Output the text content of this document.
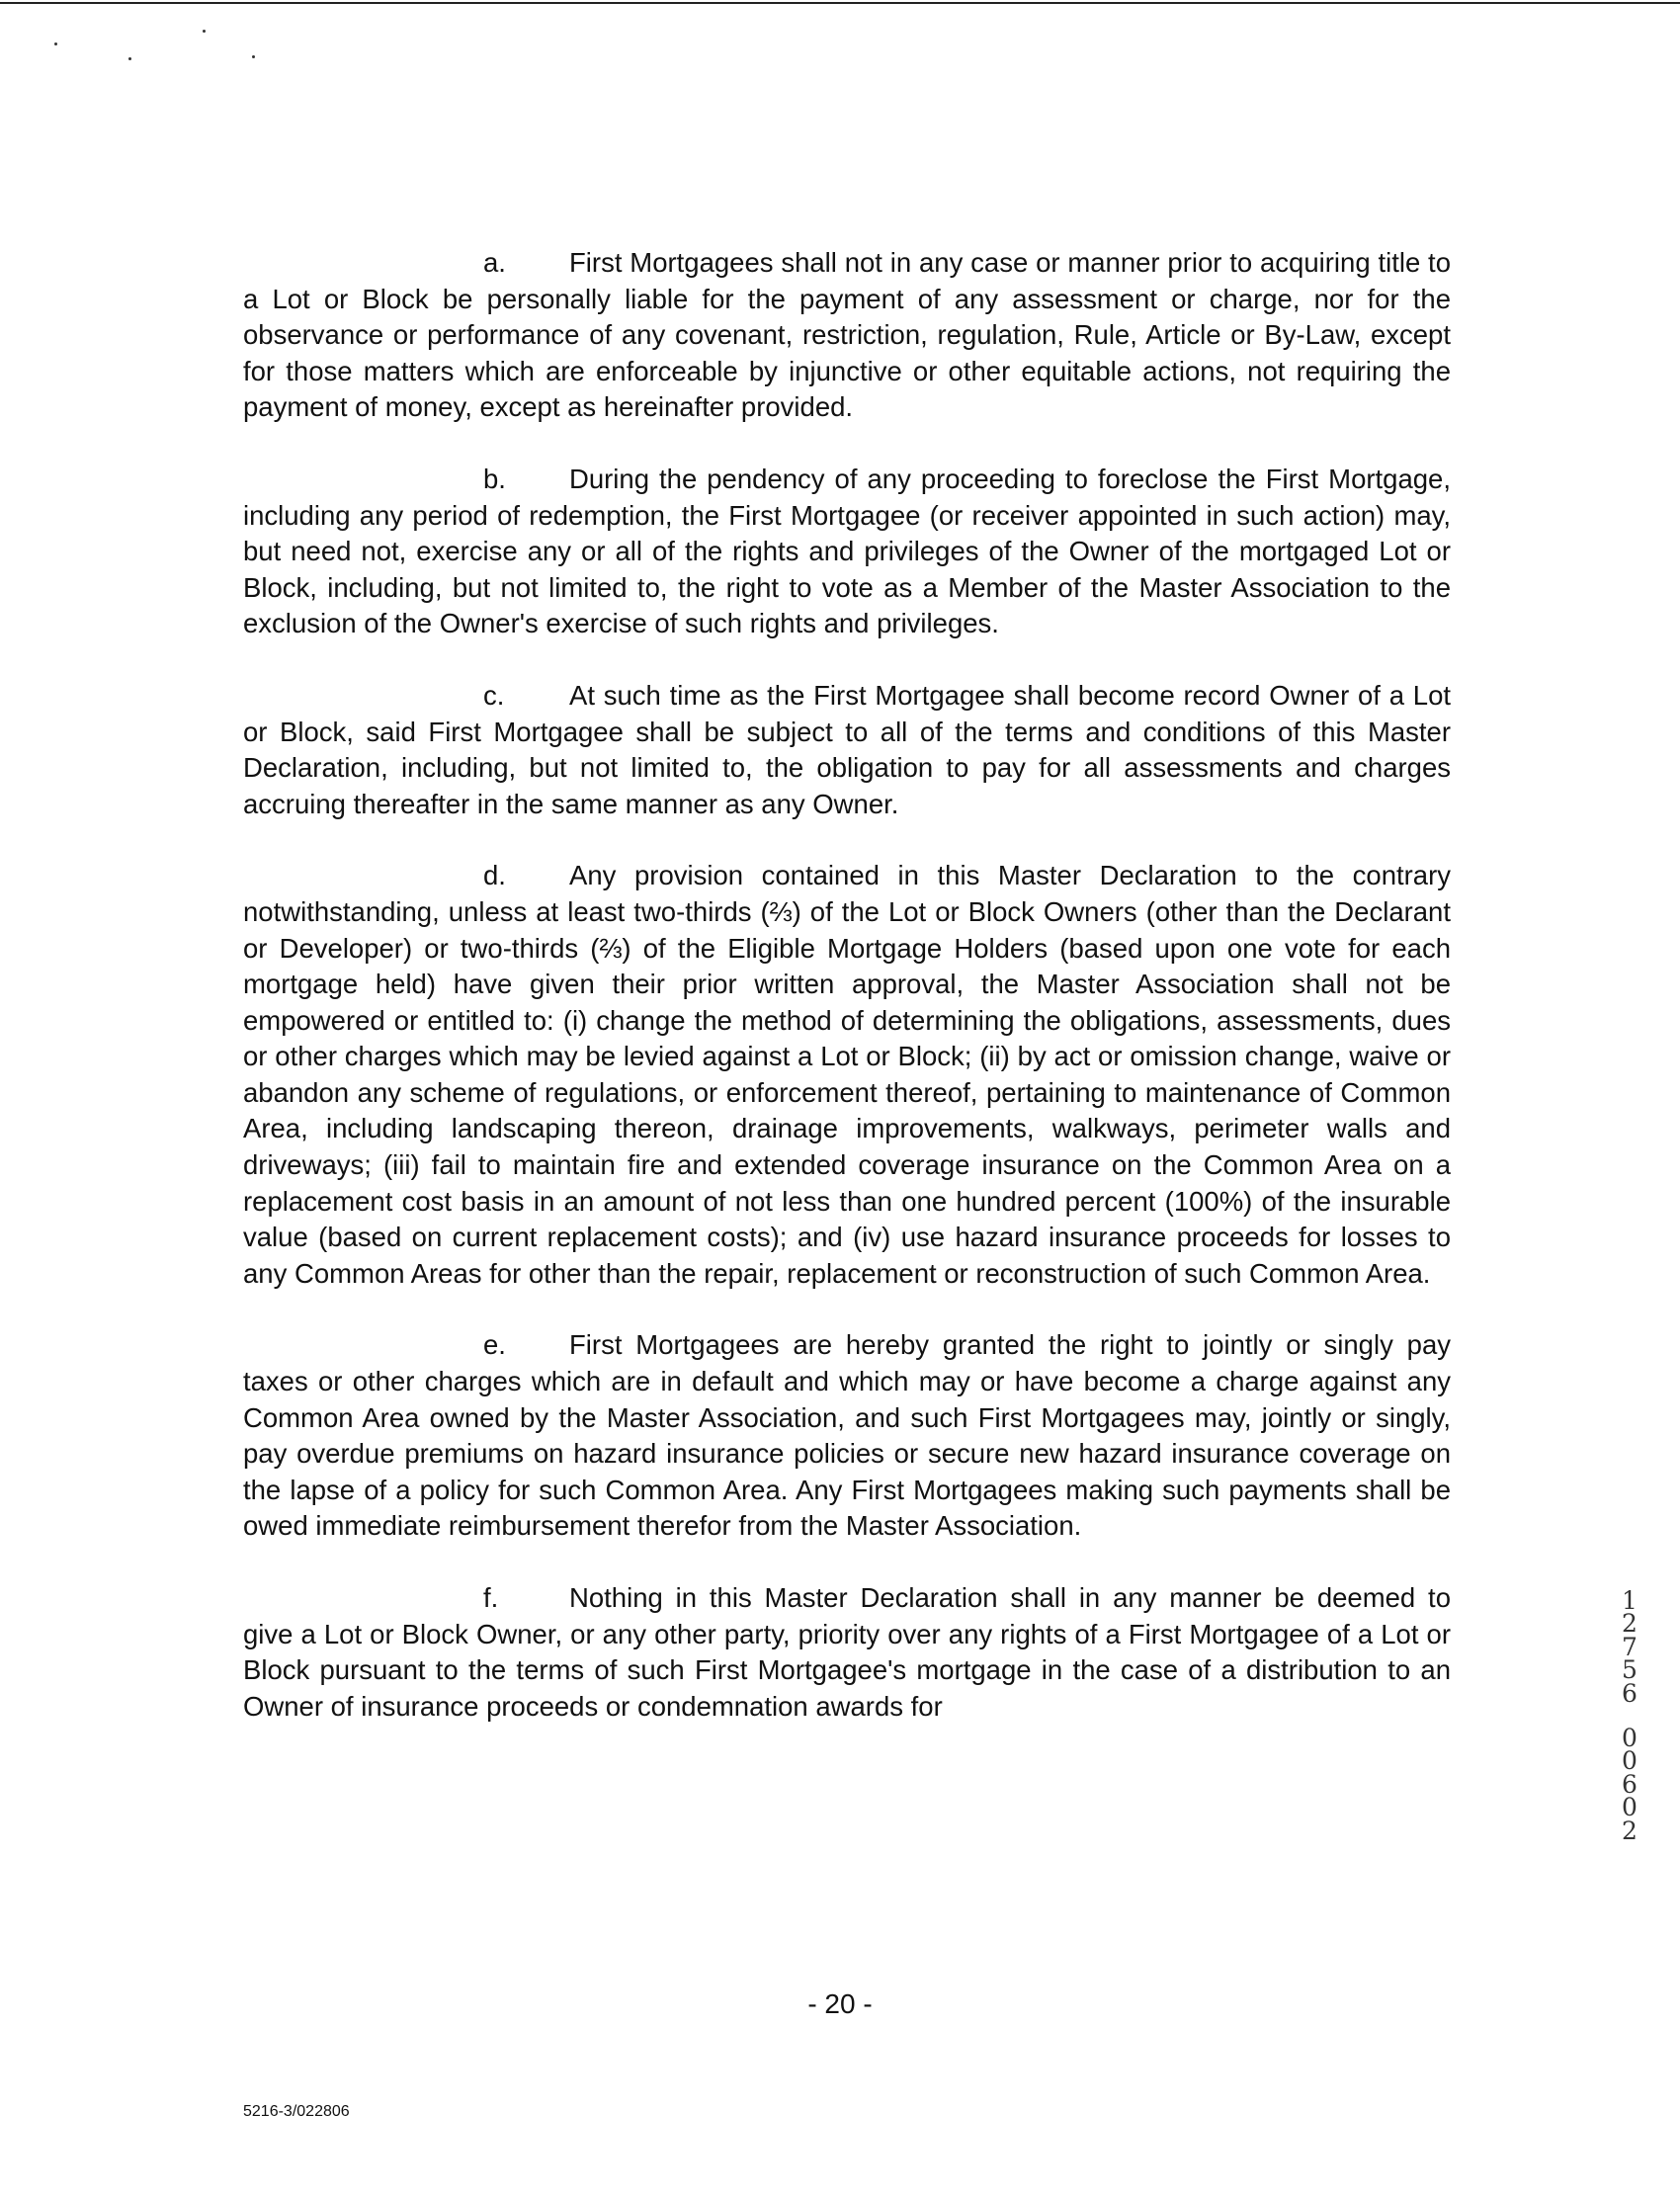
a. First Mortgagees shall not in any case or manner prior to acquiring title to a Lot or Block be personally liable for the payment of any assessment or charge, nor for the observance or performance of any covenant, restriction, regulation, Rule, Article or By-Law, except for those matters which are enforceable by injunctive or other equitable actions, not requiring the payment of money, except as hereinafter provided.

b. During the pendency of any proceeding to foreclose the First Mortgage, including any period of redemption, the First Mortgagee (or receiver appointed in such action) may, but need not, exercise any or all of the rights and privileges of the Owner of the mortgaged Lot or Block, including, but not limited to, the right to vote as a Member of the Master Association to the exclusion of the Owner's exercise of such rights and privileges.

c. At such time as the First Mortgagee shall become record Owner of a Lot or Block, said First Mortgagee shall be subject to all of the terms and conditions of this Master Declaration, including, but not limited to, the obligation to pay for all assessments and charges accruing thereafter in the same manner as any Owner.

d. Any provision contained in this Master Declaration to the contrary notwithstanding, unless at least two-thirds (⅔) of the Lot or Block Owners (other than the Declarant or Developer) or two-thirds (⅔) of the Eligible Mortgage Holders (based upon one vote for each mortgage held) have given their prior written approval, the Master Association shall not be empowered or entitled to: (i) change the method of determining the obligations, assessments, dues or other charges which may be levied against a Lot or Block; (ii) by act or omission change, waive or abandon any scheme of regulations, or enforcement thereof, pertaining to maintenance of Common Area, including landscaping thereon, drainage improvements, walkways, perimeter walls and driveways; (iii) fail to maintain fire and extended coverage insurance on the Common Area on a replacement cost basis in an amount of not less than one hundred percent (100%) of the insurable value (based on current replacement costs); and (iv) use hazard insurance proceeds for losses to any Common Areas for other than the repair, replacement or reconstruction of such Common Area.

e. First Mortgagees are hereby granted the right to jointly or singly pay taxes or other charges which are in default and which may or have become a charge against any Common Area owned by the Master Association, and such First Mortgagees may, jointly or singly, pay overdue premiums on hazard insurance policies or secure new hazard insurance coverage on the lapse of a policy for such Common Area. Any First Mortgagees making such payments shall be owed immediate reimbursement therefor from the Master Association.

f.	Nothing in this Master Declaration shall in any manner be deemed to give a Lot or Block Owner, or any other party, priority over any rights of a First Mortgagee of a Lot or Block pursuant to the terms of such First Mortgagee's mortgage in the case of a distribution to an Owner of insurance proceeds or condemnation awards for

1
2
7
5
6
0
0
6
0
2
- 20 -
5216-3/022806
